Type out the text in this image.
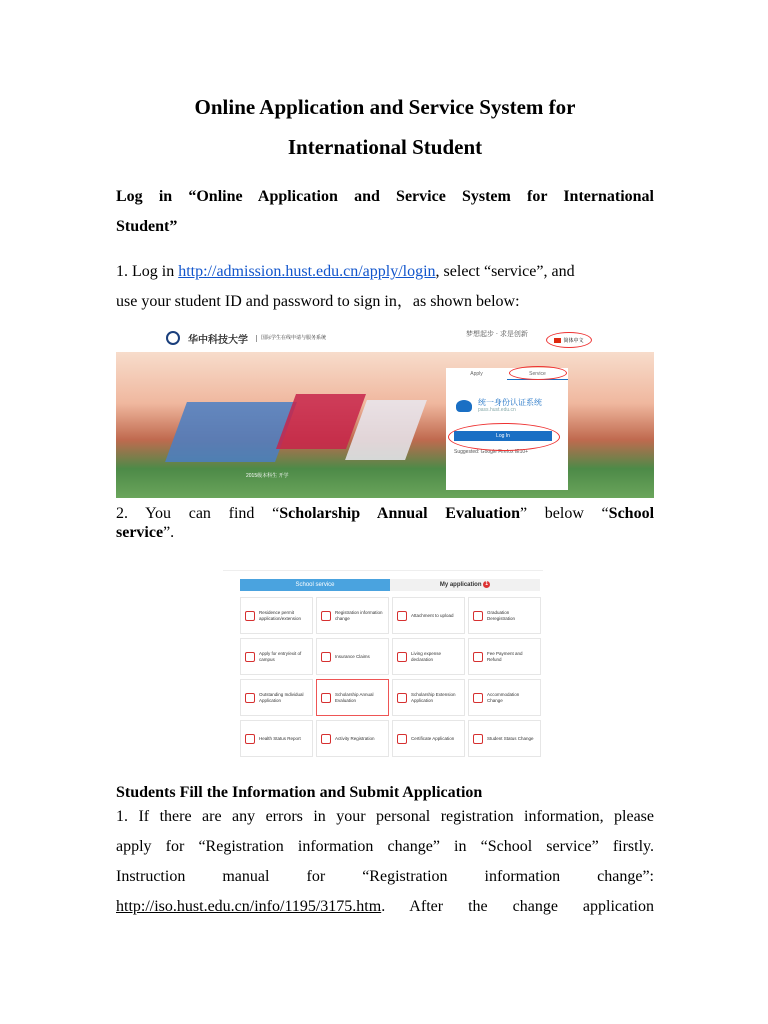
Online Application and Service System for
International Student
Log in “Online Application and Service System for International
Student”
1. Log in http://admission.hust.edu.cn/apply/login, select “service”, and
use your student ID and password to sign in，as shown below:
华中科技大学	国际学生在线申请与服务系统	梦想起步 · 求是创新
简体中文
2015级本科生 开学
Apply	Service
统一身份认证系统
pass.hust.edu.cn
Log In
Suggested: Google Firefox IE10+
2. You can find “Scholarship Annual Evaluation” below “School
service”.
School service	My application 1
Residence permit application/extension
Registration information change
Attachment to upload
Graduation Deregistration
Apply for entry/exit of campus
Insurance Claims
Living expense declaration
Fee Payment and Refund
Outstanding Individual Application
Scholarship Annual Evaluation
Scholarship Extension Application
Accommodation Change
Health Status Report	Activity Registration	Certificate Application	Student Status Change
Students Fill the Information and Submit Application
1. If there are any errors in your personal registration information, please
apply for “Registration information change” in “School service” firstly.
Instruction manual for “Registration information change”:
http://iso.hust.edu.cn/info/1195/3175.htm. After the change application
